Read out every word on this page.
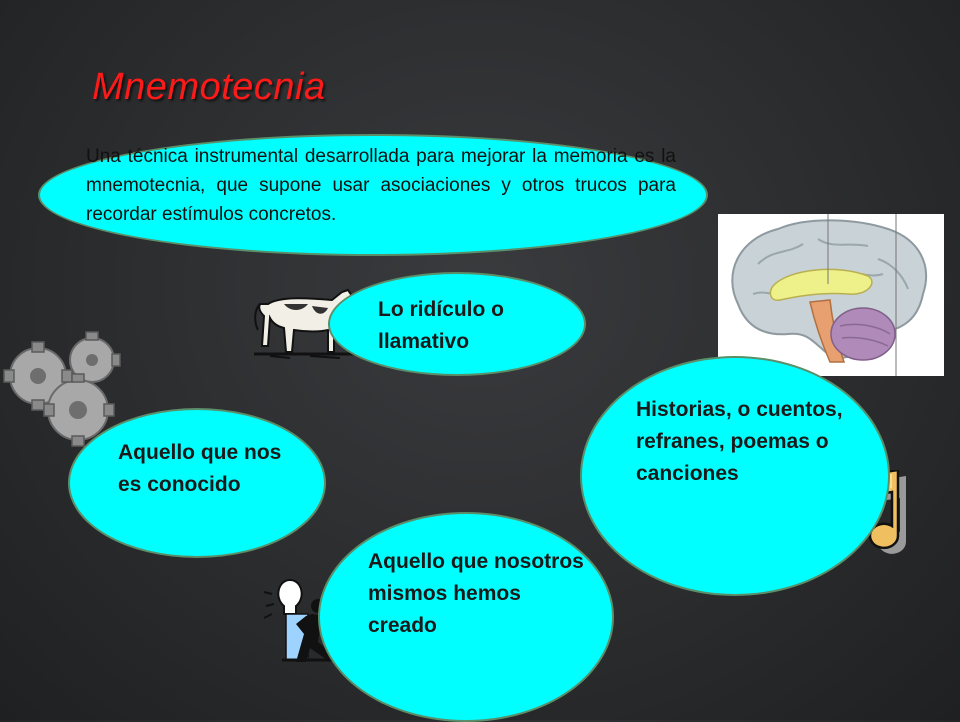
Mnemotecnia
Una técnica instrumental desarrollada para mejorar la memoria es la mnemotecnia, que supone usar asociaciones y otros trucos para recordar estímulos concretos.
Lo ridículo o llamativo
Aquello que nos es conocido
Aquello que nosotros mismos hemos creado
Historias, o cuentos, refranes, poemas o canciones
